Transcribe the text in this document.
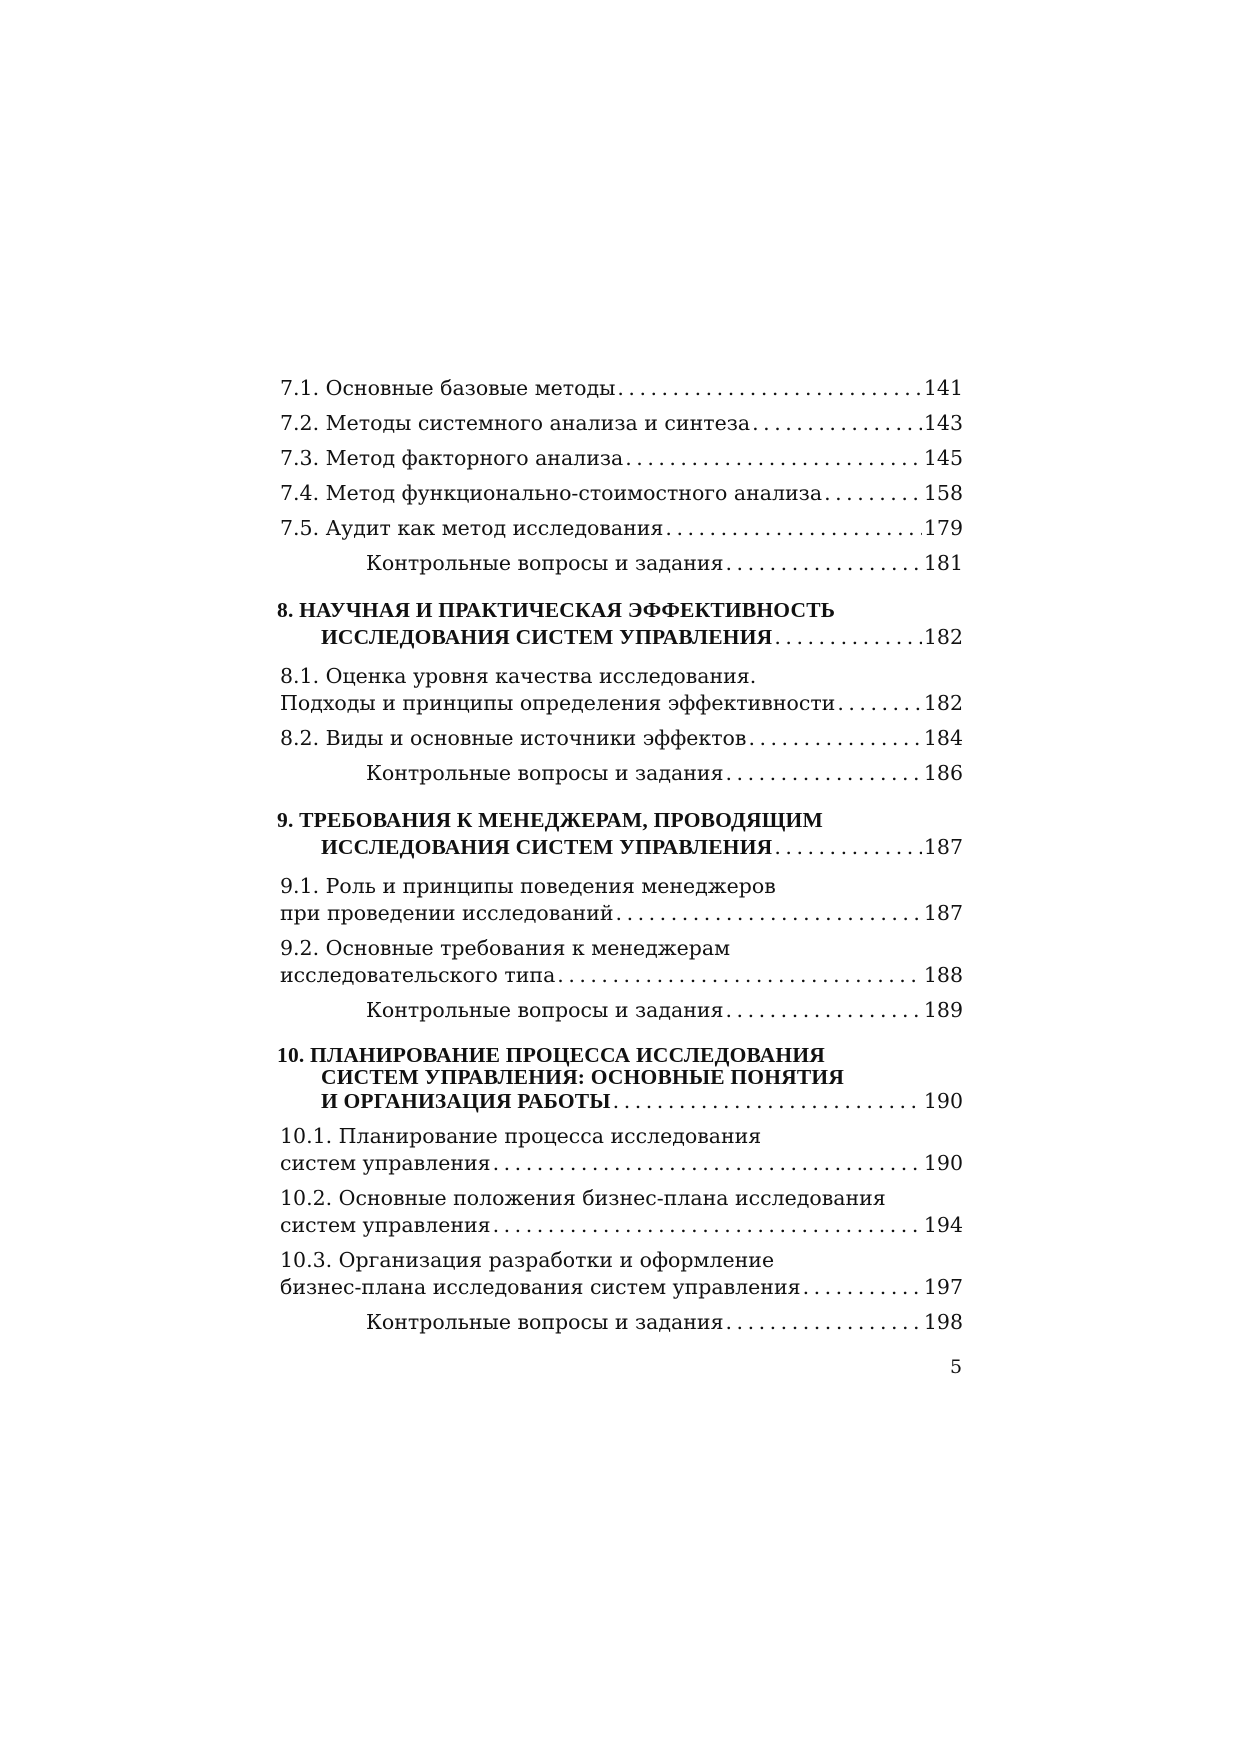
7.1. Основные базовые методы . . .	141
7.2. Методы системного анализа и синтеза . . .	143
7.3. Метод факторного анализа . . .	145
7.4. Метод функционально-стоимостного анализа . . .	158
7.5. Аудит как метод исследования . . .	179
Контрольные вопросы и задания . . .	181
8. НАУЧНАЯ И ПРАКТИЧЕСКАЯ ЭФФЕКТИВНОСТЬ
ИССЛЕДОВАНИЯ СИСТЕМ УПРАВЛЕНИЯ . . .	182
8.1. Оценка уровня качества исследования.
Подходы и принципы определения эффективности . . .	182
8.2. Виды и основные источники эффектов . . .	184
Контрольные вопросы и задания . . .	186
9. ТРЕБОВАНИЯ К МЕНЕДЖЕРАМ, ПРОВОДЯЩИМ
ИССЛЕДОВАНИЯ СИСТЕМ УПРАВЛЕНИЯ . . .	187
9.1. Роль и принципы поведения менеджеров
при проведении исследований . . .	187
9.2. Основные требования к менеджерам
исследовательского типа . . .	188
Контрольные вопросы и задания . . .	189
10. ПЛАНИРОВАНИЕ ПРОЦЕССА ИССЛЕДОВАНИЯ
СИСТЕМ УПРАВЛЕНИЯ: ОСНОВНЫЕ ПОНЯТИЯ
И ОРГАНИЗАЦИЯ РАБОТЫ . . .	190
10.1. Планирование процесса исследования
систем управления . . .	190
10.2. Основные положения бизнес-плана исследования
систем управления . . .	194
10.3. Организация разработки и оформление
бизнес-плана исследования систем управления . . .	197
Контрольные вопросы и задания . . .	198
5
